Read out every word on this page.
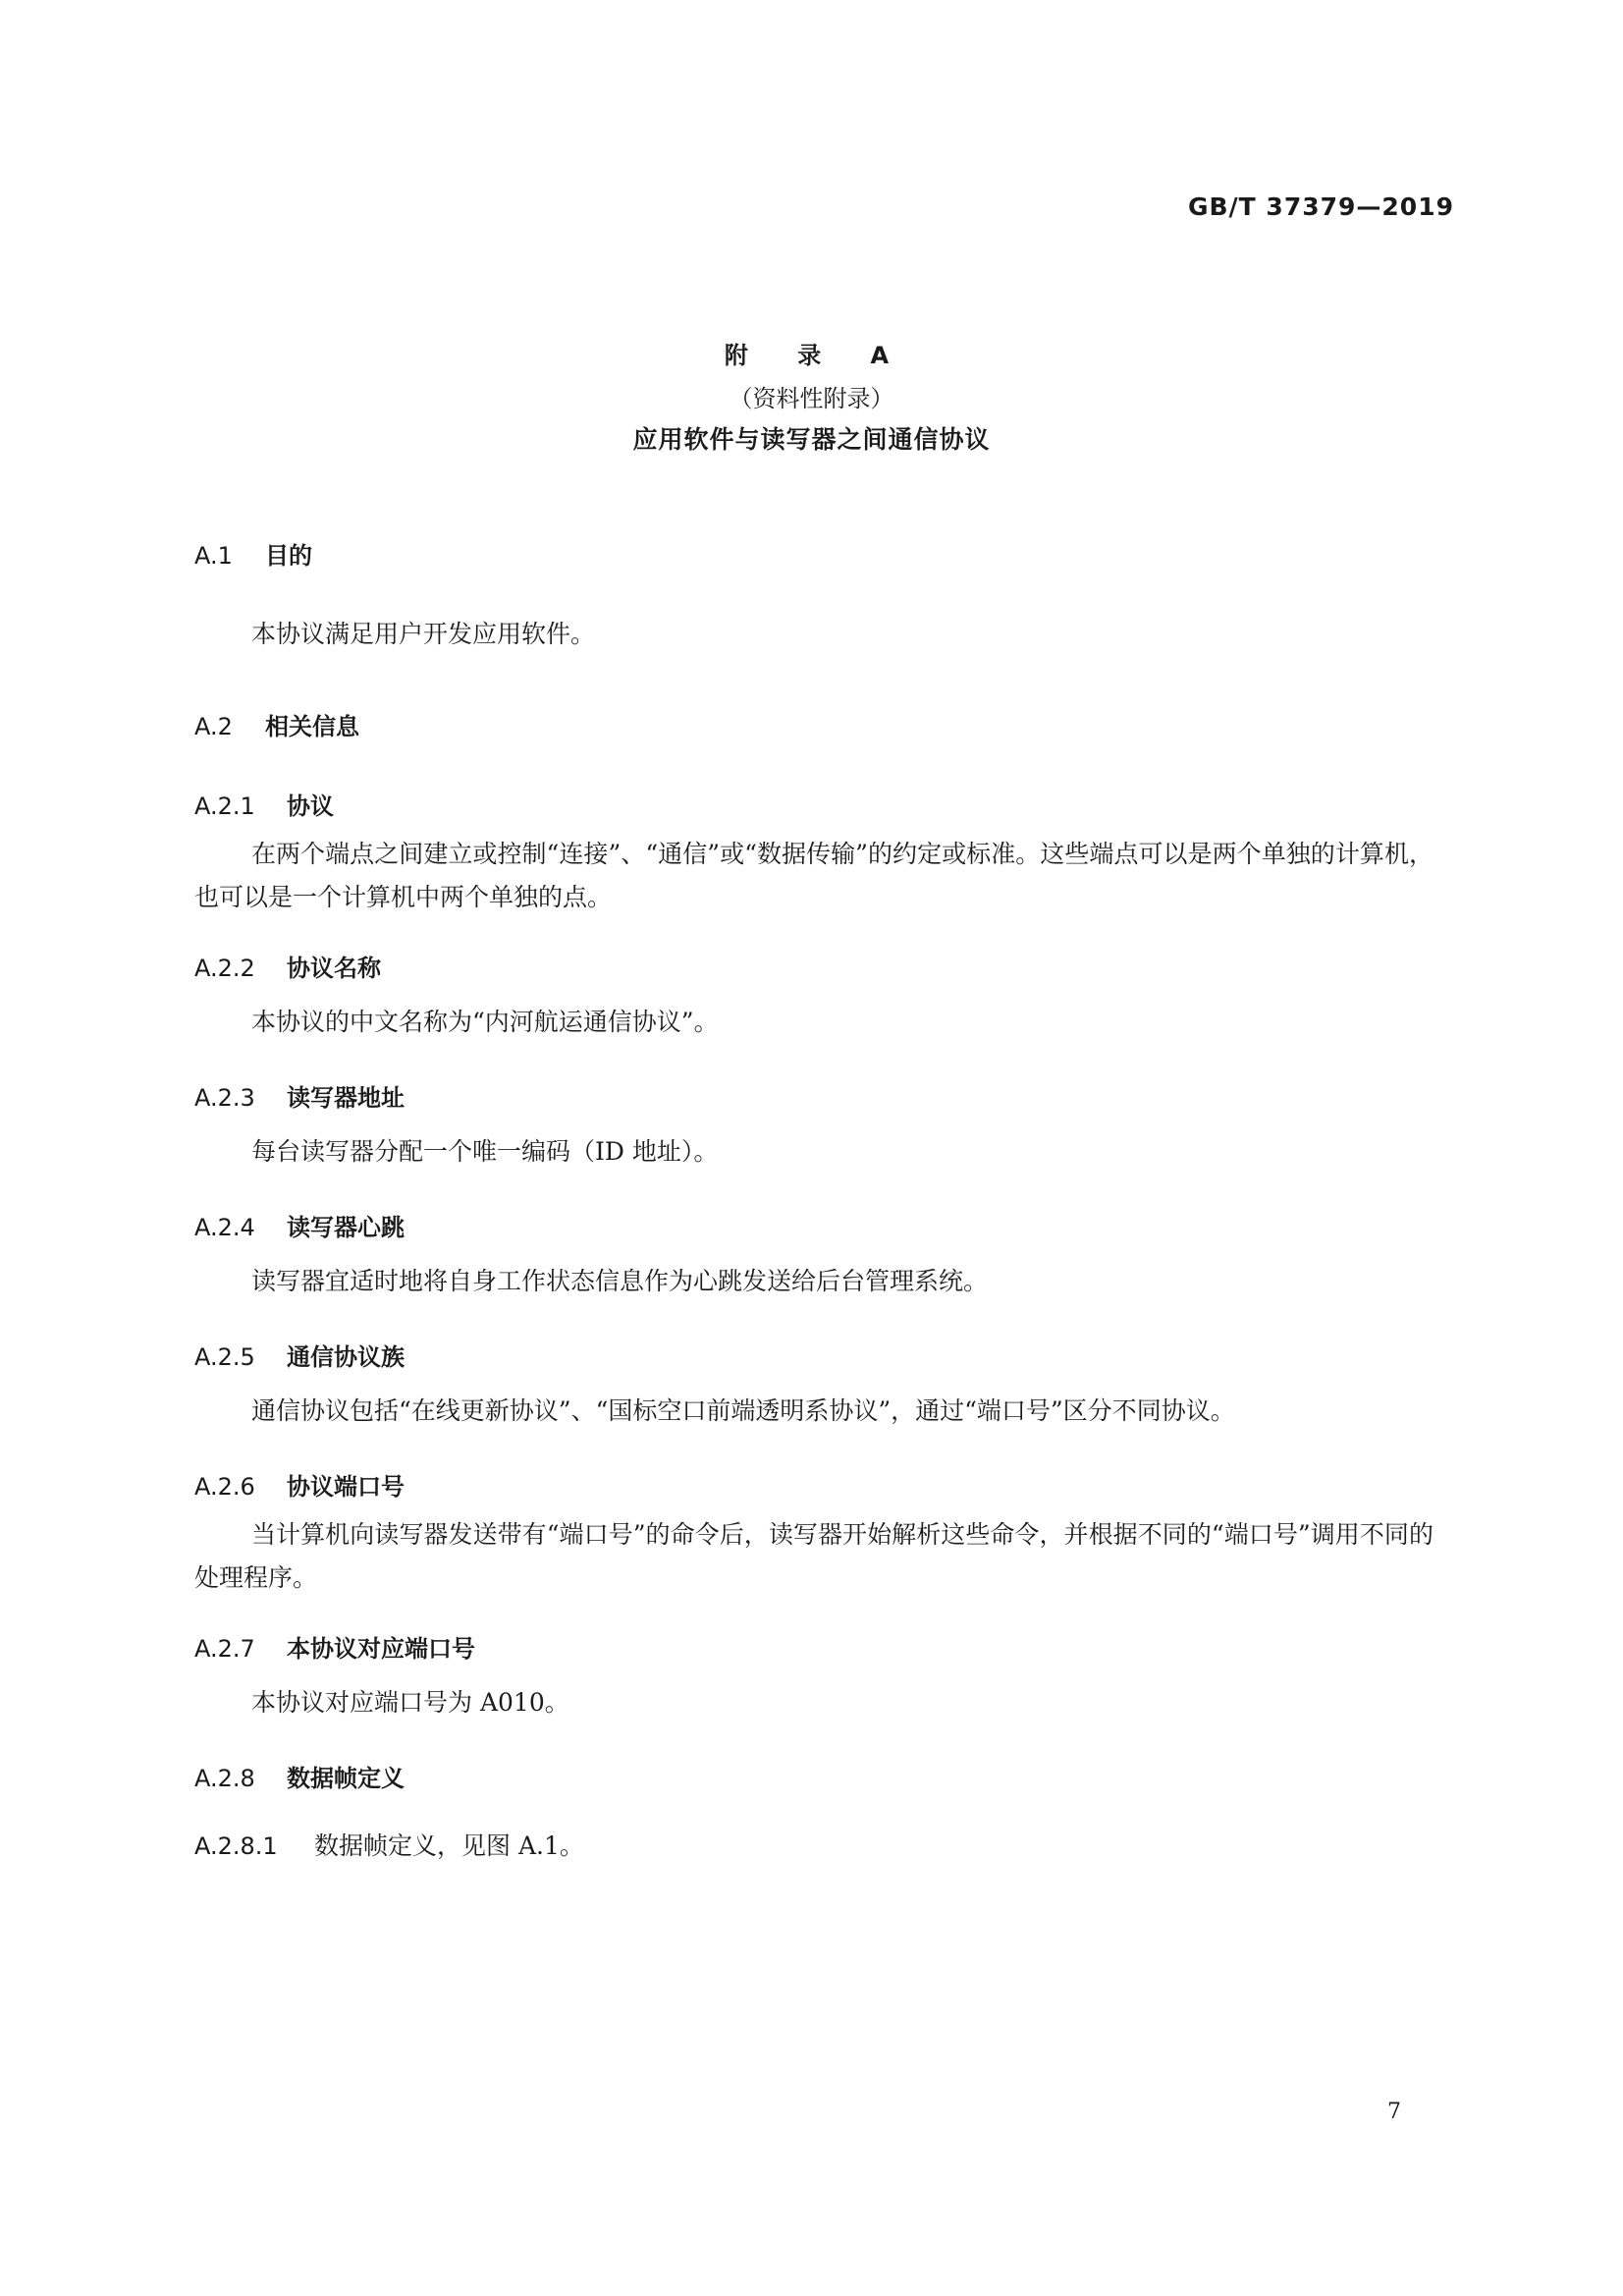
GB/T 37379—2019
附 录 A
（资料性附录）
应用软件与读写器之间通信协议
A.1 目的
本协议满足用户开发应用软件。
A.2 相关信息
A.2.1 协议
在两个端点之间建立或控制“连接”、“通信”或“数据传输”的约定或标准。这些端点可以是两个单独的计算机，也可以是一个计算机中两个单独的点。
A.2.2 协议名称
本协议的中文名称为“内河航运通信协议”。
A.2.3 读写器地址
每台读写器分配一个唯一编码（ID 地址）。
A.2.4 读写器心跳
读写器宜适时地将自身工作状态信息作为心跳发送给后台管理系统。
A.2.5 通信协议族
通信协议包括“在线更新协议”、“国标空口前端透明系协议”，通过“端口号”区分不同协议。
A.2.6 协议端口号
当计算机向读写器发送带有“端口号”的命令后，读写器开始解析这些命令，并根据不同的“端口号”调用不同的处理程序。
A.2.7 本协议对应端口号
本协议对应端口号为 A010。
A.2.8 数据帧定义
A.2.8.1 数据帧定义，见图 A.1。
7
